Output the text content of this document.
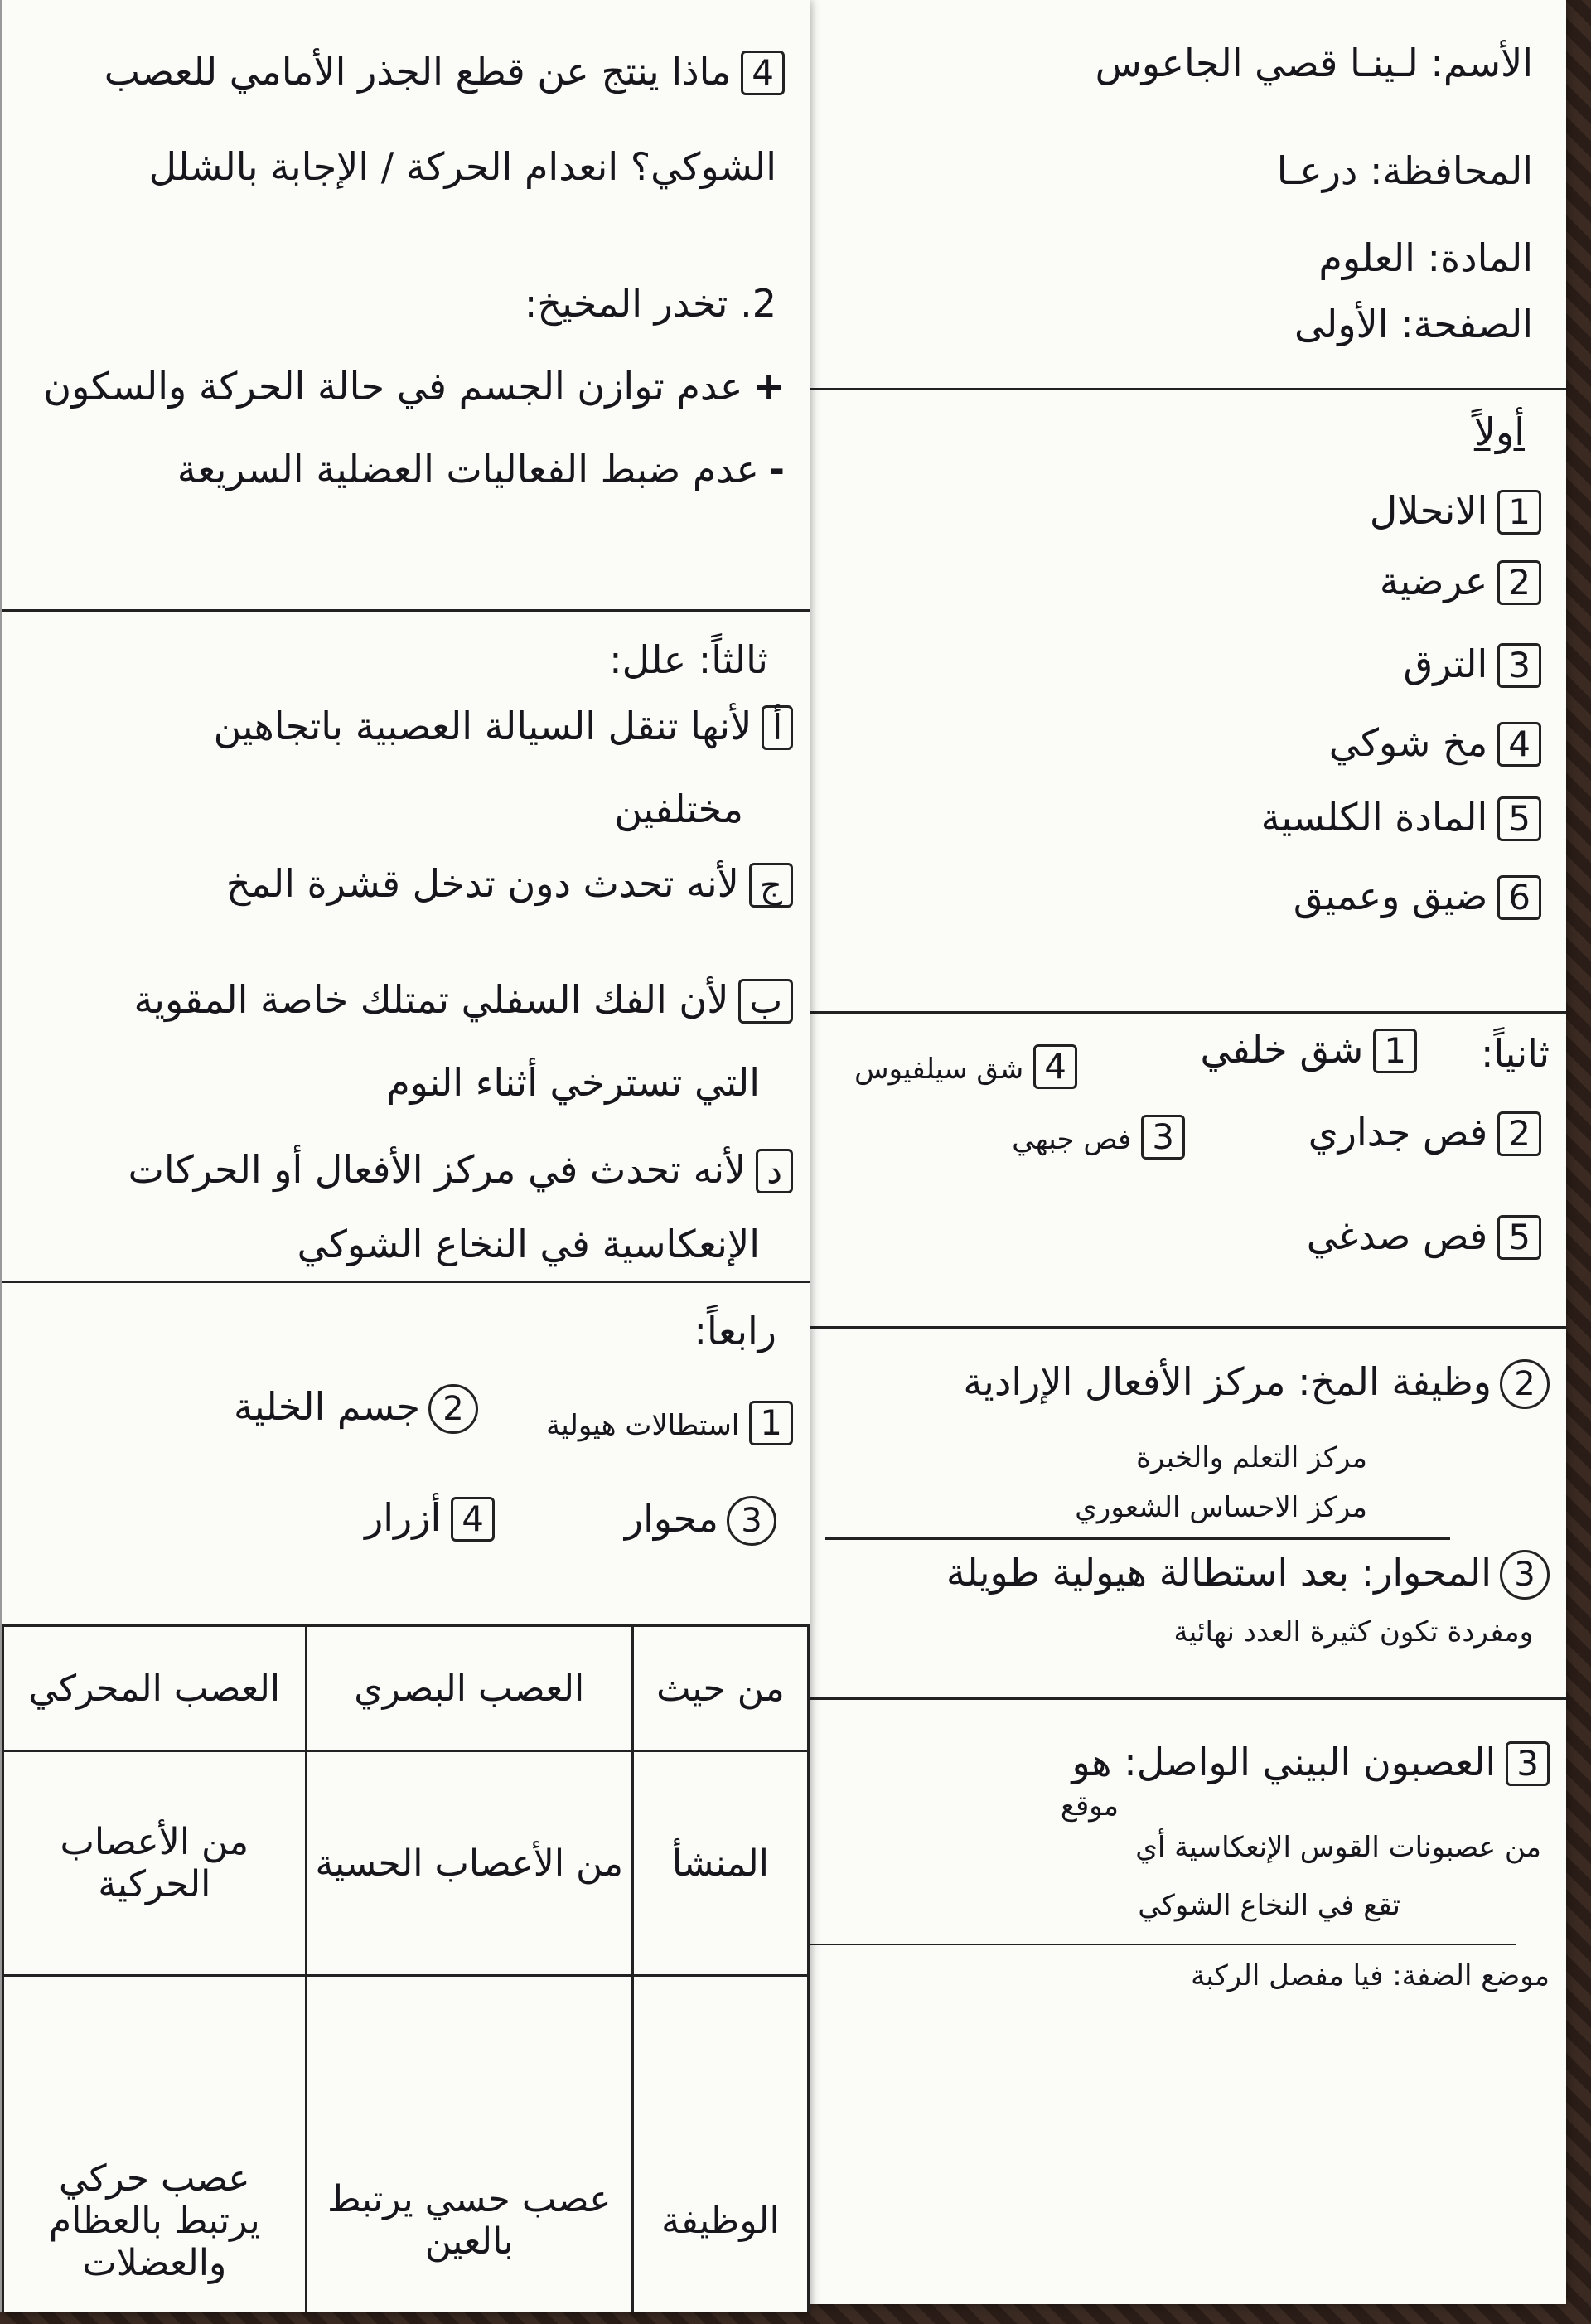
الأسم: لـينـا قصي الجاعوس
المحافظة: درعـا
المادة: العلوم
الصفحة: الأولى
أولاً
1الانحلال
2عرضية
3الترق
4مخ شوكي
5المادة الكلسية
6ضيق وعميق
ثانياً:
1شق خلفي
4شق سيلفيوس
2فص جداري
3فص جبهي
5فص صدغي
2وظيفة المخ: مركز الأفعال الإرادية
مركز التعلم والخبرة
مركز الاحساس الشعوري
3المحوار: بعد استطالة هيولية طويلة
ومفردة تكون كثيرة العدد نهائية
3العصبون البيني الواصل: هو
موقع
من عصبونات القوس الإنعكاسية أي
تقع في النخاع الشوكي
موضع الضفة: فيا مفصل الركبة
4ماذا ينتج عن قطع الجذر الأمامي للعصب
الشوكي؟ انعدام الحركة / الإجابة بالشلل
2. تخدر المخيخ:
+عدم توازن الجسم في حالة الحركة والسكون
-عدم ضبط الفعاليات العضلية السريعة
ثالثاً: علل:
ألأنها تنقل السيالة العصبية باتجاهين
مختلفين
جلأنه تحدث دون تدخل قشرة المخ
بلأن الفك السفلي تمتلك خاصة المقوية
التي تسترخي أثناء النوم
دلأنه تحدث في مركز الأفعال أو الحركات
الإنعكاسية في النخاع الشوكي
رابعاً:
1استطالات هيولية
2جسم الخلية
3محوار
4أزرار
من حيث	العصب البصري	العصب المحركي
المنشأ	من الأعصاب الحسية	من الأعصاب الحركية
الوظيفة	عصب حسي يرتبط بالعين	عصب حركي يرتبط بالعظام والعضلات
